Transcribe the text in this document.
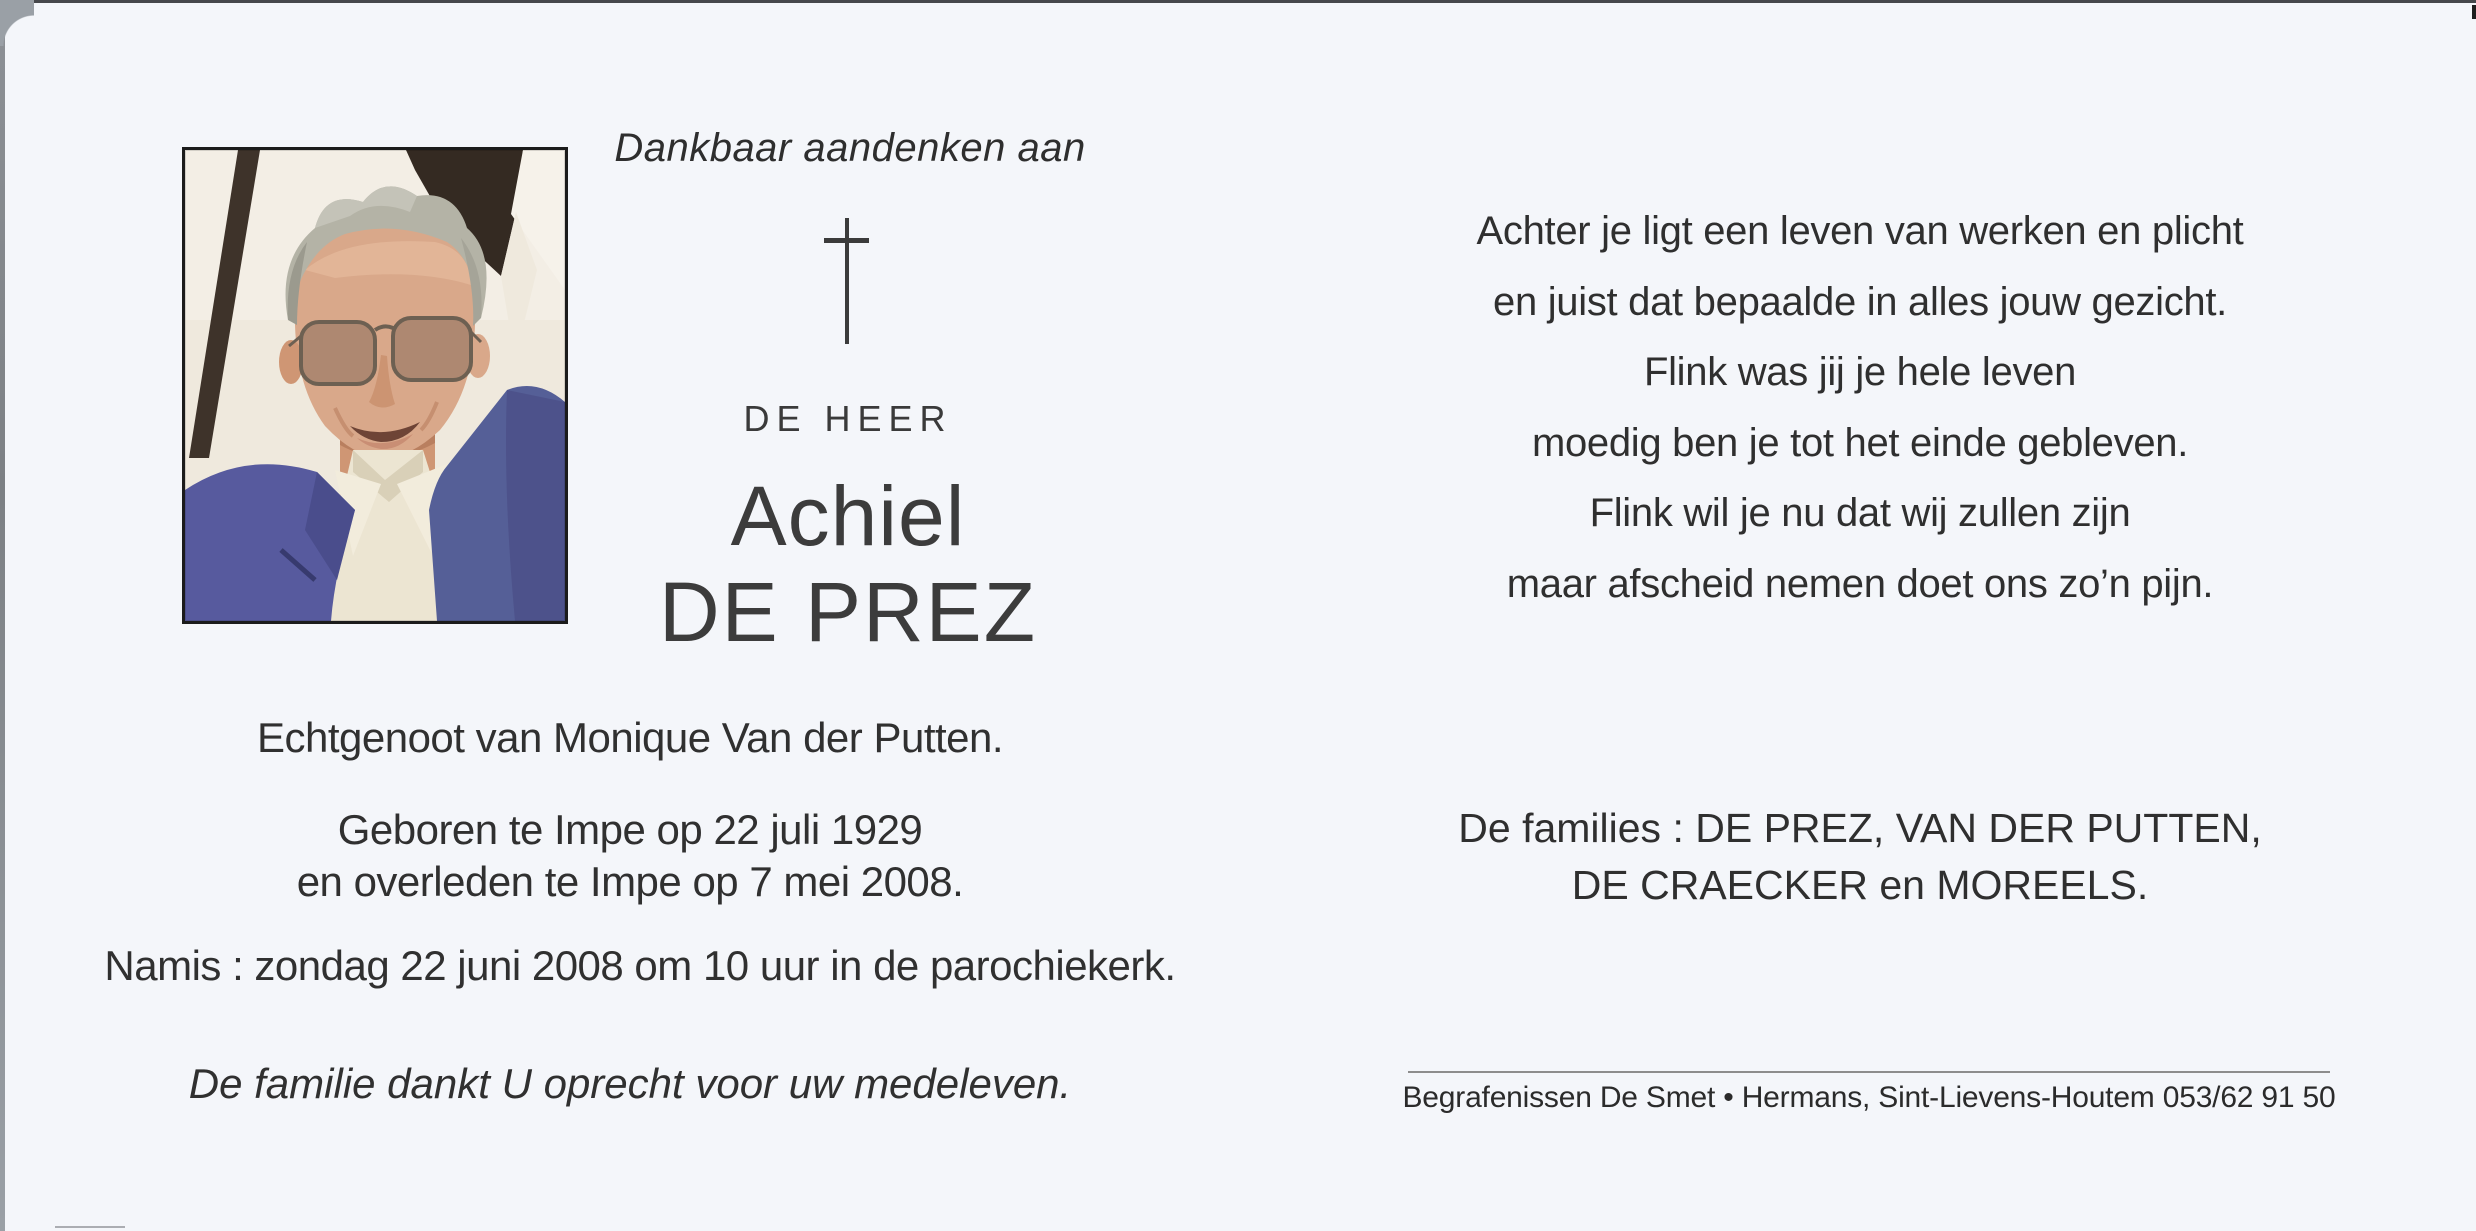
Dankbaar aandenken aan
DE HEER
Achiel
DE PREZ
Echtgenoot van Monique Van der Putten.
Geboren te Impe op 22 juli 1929
en overleden te Impe op 7 mei 2008.
Namis : zondag 22 juni 2008 om 10 uur in de parochiekerk.
De familie dankt U oprecht voor uw medeleven.
Achter je ligt een leven van werken en plicht
en juist dat bepaalde in alles jouw gezicht.
Flink was jij je hele leven
moedig ben je tot het einde gebleven.
Flink wil je nu dat wij zullen zijn
maar afscheid nemen doet ons zo’n pijn.
De families : DE PREZ, VAN DER PUTTEN,
DE CRAECKER en MOREELS.
Begrafenissen De Smet • Hermans, Sint-Lievens-Houtem 053/62 91 50
